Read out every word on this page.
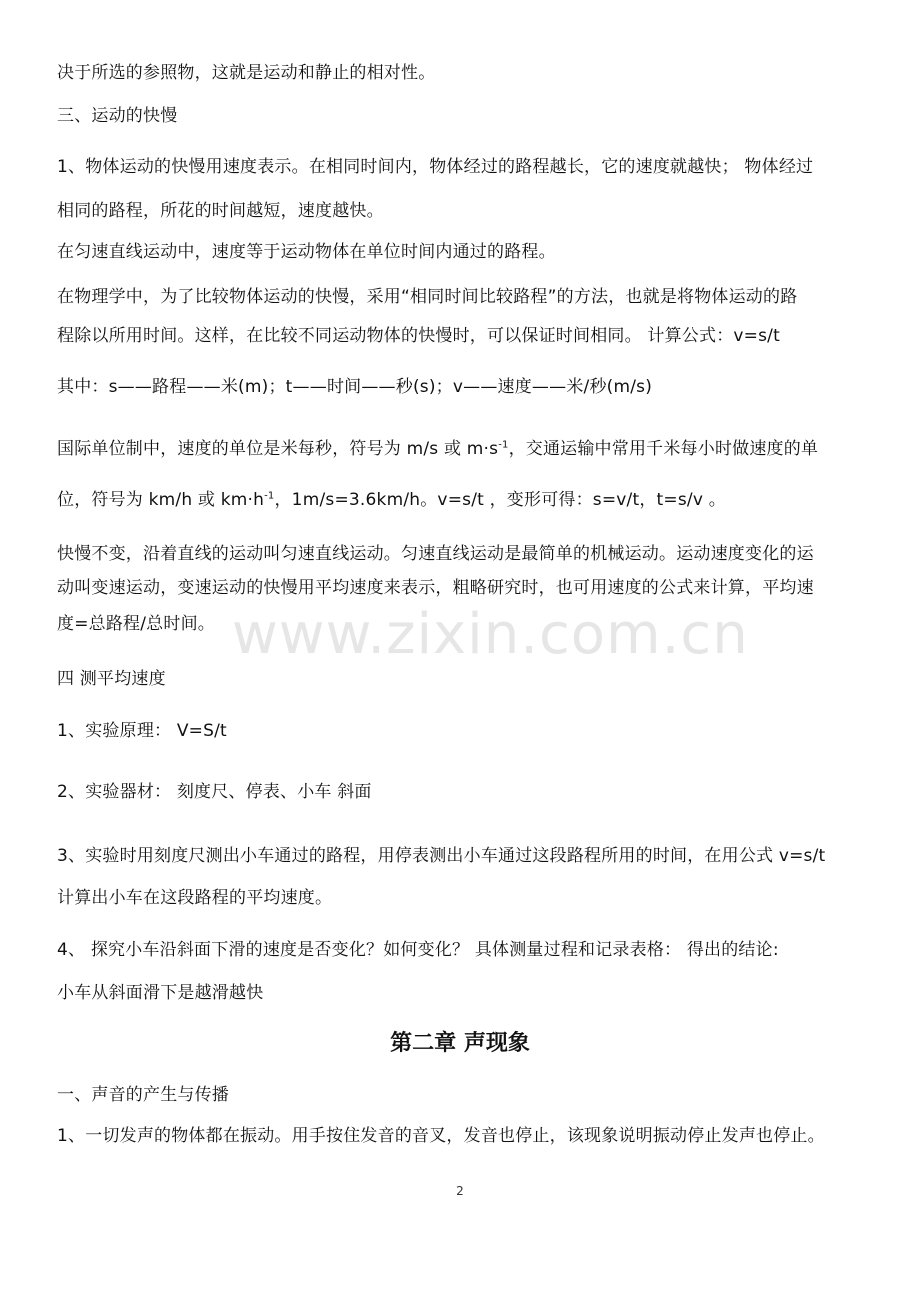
www.zixin.com.cn
决于所选的参照物，这就是运动和静止的相对性。
三、运动的快慢
1、物体运动的快慢用速度表示。在相同时间内，物体经过的路程越长，它的速度就越快； 物体经过
相同的路程，所花的时间越短，速度越快。
在匀速直线运动中，速度等于运动物体在单位时间内通过的路程。
在物理学中，为了比较物体运动的快慢，采用“相同时间比较路程”的方法，也就是将物体运动的路
程除以所用时间。这样，在比较不同运动物体的快慢时，可以保证时间相同。 计算公式：v=s/t
其中：s——路程——米(m)；t——时间——秒(s)；v——速度——米/秒(m/s)
国际单位制中，速度的单位是米每秒，符号为 m/s 或 $m\cdot s^{-1}$，交通运输中常用千米每小时做速度的单
位，符号为 km/h 或 $km\cdot h^{-1}$，1m/s=3.6km/h。v=s/t ，变形可得：s=v/t，t=s/v 。
快慢不变，沿着直线的运动叫匀速直线运动。匀速直线运动是最简单的机械运动。运动速度变化的运
动叫变速运动，变速运动的快慢用平均速度来表示，粗略研究时，也可用速度的公式来计算，平均速
度=总路程/总时间。
四 测平均速度
1、实验原理： V=S/t
2、实验器材： 刻度尺、停表、小车 斜面
3、实验时用刻度尺测出小车通过的路程，用停表测出小车通过这段路程所用的时间，在用公式 v=s/t
计算出小车在这段路程的平均速度。
4、 探究小车沿斜面下滑的速度是否变化？如何变化？ 具体测量过程和记录表格： 得出的结论:
小车从斜面滑下是越滑越快
第二章 声现象
一、声音的产生与传播
1、一切发声的物体都在振动。用手按住发音的音叉，发音也停止，该现象说明振动停止发声也停止。
2
